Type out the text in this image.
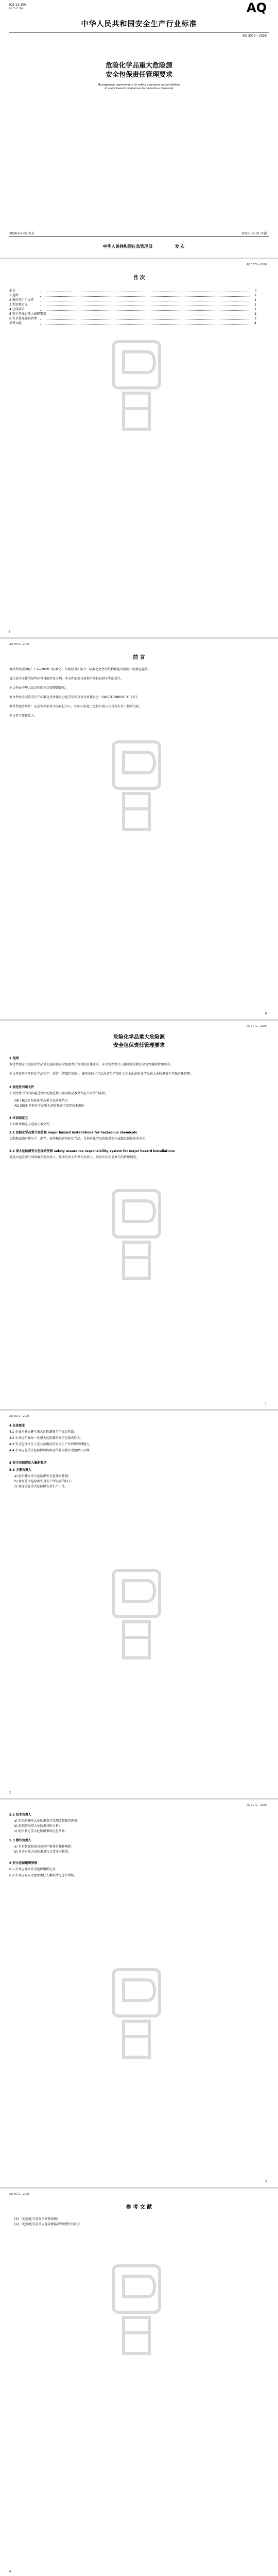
ICS 13.100
CCS C 67	AQ
中华人民共和国安全生产行业标准
AQ 3072—2026
危险化学品重大危险源
安全包保责任管理要求
Management requirements for safety assurance responsibilities
of major hazard installations for hazardous chemicals
2026-03-06 发布	2026-09-01 实施
中华人民共和国应急管理部	发 布
AQ 3072—2026
目 次
前言	II
1 范围	1
2 规范性引用文件	1
3 术语和定义	1
4 总体要求	1
5 安全包保责任人履职要求	2
6 安全包保履职管理	3
参考文献	4
I
AQ 3072—2026
前 言
本文件按照GB/T 1.1—2020《标准化工作导则 第1部分：标准化文件的结构和起草规则》的规定起草。
请注意本文件的某些内容可能涉及专利。本文件的发布机构不承担识别专利的责任。
本文件由中华人民共和国应急管理部提出。
本文件由全国安全生产标准化技术委员会化学品安全分技术委员会（SAC/TC 288/SC 3）归口。
本文件起草单位：应急管理部化学品登记中心、中国石油化工股份有限公司青岛安全工程研究院。
本文件主要起草人：
II
AQ 3072—2026
危险化学品重大危险源
安全包保责任管理要求
1 范围
本文件规定了危险化学品重大危险源安全包保责任管理的总体要求、安全包保责任人履职要求和安全包保履职管理要求。
本文件适用于危险化学品生产、经营（带储存设施）、使用危险化学品从事生产的化工企业的危险化学品重大危险源安全包保责任管理。
2 规范性引用文件
下列文件中的内容通过文中的规范性引用而构成本文件必不可少的条款。
GB 18218 危险化学品重大危险源辨识
AQ 3035 危险化学品重大危险源安全监控技术规范
3 术语和定义
下列术语和定义适用于本文件。
3.1 危险化学品重大危险源 major hazard installations for hazardous chemicals
长期地或临时地生产、储存、使用和经营危险化学品，且危险化学品的数量等于或超过临界量的单元。
3.2 重大危险源安全包保责任制 safety assurance responsibility system for major hazard installations
对重大危险源分别明确主要负责人、技术负责人和操作负责人，层层压实安全责任的管理制度。
1
AQ 3072—2026
4 总体要求
4.1 企业应建立健全重大危险源安全包保责任制。
4.2 企业应明确每一处重大危险源的安全包保责任人。
4.3 安全包保责任人应具备相应的安全生产知识和管理能力。
4.4 企业应在重大危险源现场明显位置设置安全包保公示牌。
5 安全包保责任人履职要求
5.1 主要负责人
a) 组织建立重大危险源安全包保责任制；
b) 保证重大危险源安全生产所必需的投入；
c) 督促检查重大危险源安全生产工作。
2
AQ 3072—2026
5.2 技术负责人
a) 组织实施重大危险源安全监测监控体系建设；
b) 组织开展重大危险源风险分析；
c) 组织制定重大危险源事故应急预案。
5.3 操作负责人
a) 负责督促检查各岗位严格执行操作规程；
b) 负责对重大危险源进行日常安全检查。
6 安全包保履职管理
6.1 企业应建立安全包保履职记录。
6.2 企业应对安全包保责任人履职情况进行考核。
3
AQ 3072—2026
参 考 文 献
[1] 《危险化学品安全管理条例》
[2] 《危险化学品重大危险源监督管理暂行规定》
4
